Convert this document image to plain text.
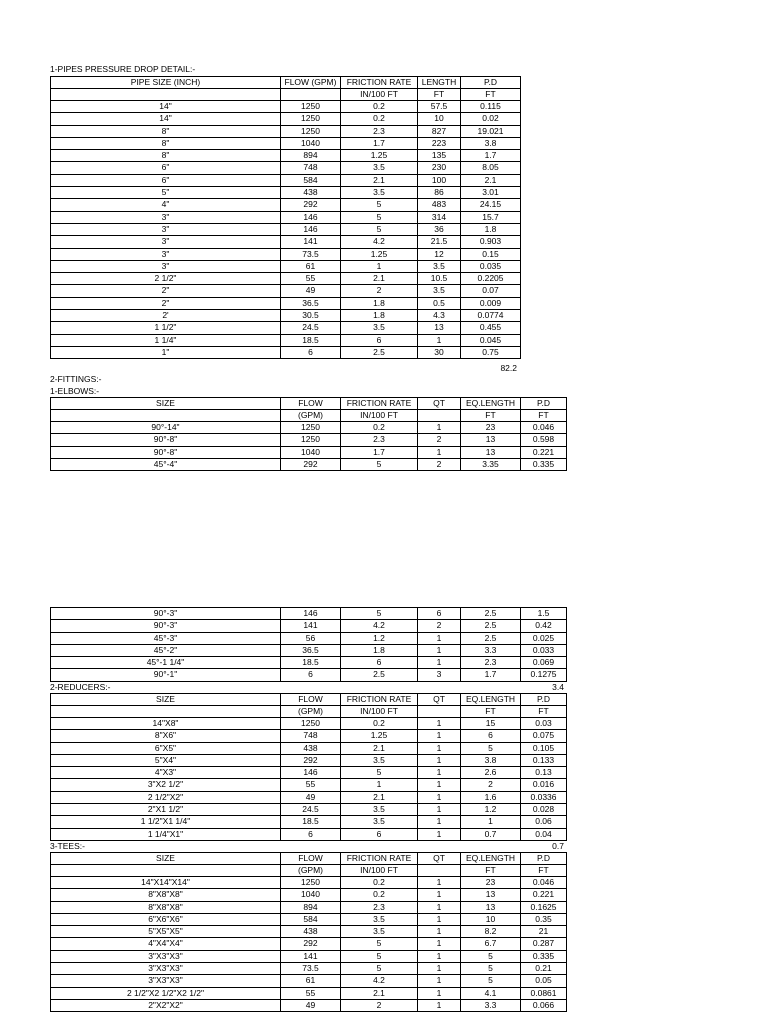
1-PIPES PRESSURE DROP DETAIL:-
PIPE SIZE (INCH)	FLOW (GPM)	FRICTION RATE	LENGTH	P.D
		IN/100 FT	FT	FT
14"	1250	0.2	57.5	0.115
14"	1250	0.2	10	0.02
8"	1250	2.3	827	19.021
8"	1040	1.7	223	3.8
8"	894	1.25	135	1.7
6"	748	3.5	230	8.05
6"	584	2.1	100	2.1
5"	438	3.5	86	3.01
4"	292	5	483	24.15
3"	146	5	314	15.7
3"	146	5	36	1.8
3"	141	4.2	21.5	0.903
3"	73.5	1.25	12	0.15
3"	61	1	3.5	0.035
2 1/2"	55	2.1	10.5	0.2205
2"	49	2	3.5	0.07
2"	36.5	1.8	0.5	0.009
2'	30.5	1.8	4.3	0.0774
1 1/2"	24.5	3.5	13	0.455
1 1/4"	18.5	6	1	0.045
1"	6	2.5	30	0.75
82.2
2-FITTINGS:-
1-ELBOWS:-
SIZE	FLOW	FRICTION RATE	QT	EQ.LENGTH	P.D
	(GPM)	IN/100 FT		FT	FT
90°-14"	1250	0.2	1	23	0.046
90°-8"	1250	2.3	2	13	0.598
90°-8"	1040	1.7	1	13	0.221
45°-4"	292	5	2	3.35	0.335
90°-3"	146	5	6	2.5	1.5
90°-3"	141	4.2	2	2.5	0.42
45°-3"	56	1.2	1	2.5	0.025
45°-2"	36.5	1.8	1	3.3	0.033
45°-1 1/4"	18.5	6	1	2.3	0.069
90°-1"	6	2.5	3	1.7	0.1275
2-REDUCERS:-	3.4
SIZE	FLOW	FRICTION RATE	QT	EQ.LENGTH	P.D
	(GPM)	IN/100 FT		FT	FT
14"X8"	1250	0.2	1	15	0.03
8"X6"	748	1.25	1	6	0.075
6"X5"	438	2.1	1	5	0.105
5"X4"	292	3.5	1	3.8	0.133
4"X3"	146	5	1	2.6	0.13
3"X2 1/2"	55	1	1	2	0.016
2 1/2"X2"	49	2.1	1	1.6	0.0336
2"X1 1/2"	24.5	3.5	1	1.2	0.028
1 1/2"X1 1/4"	18.5	3.5	1	1	0.06
1 1/4"X1"	6	6	1	0.7	0.04
3-TEES:-	0.7
SIZE	FLOW	FRICTION RATE	QT	EQ.LENGTH	P.D
	(GPM)	IN/100 FT		FT	FT
14"X14"X14"	1250	0.2	1	23	0.046
8"X8"X8"	1040	0.2	1	13	0.221
8"X8"X8"	894	2.3	1	13	0.1625
6"X6"X6"	584	3.5	1	10	0.35
5"X5"X5"	438	3.5	1	8.2	21
4"X4"X4"	292	5	1	6.7	0.287
3"X3"X3"	141	5	1	5	0.335
3"X3"X3"	73.5	5	1	5	0.21
3"X3"X3"	61	4.2	1	5	0.05
2 1/2"X2 1/2"X2 1/2"	55	2.1	1	4.1	0.0861
2"X2"X2"	49	2	1	3.3	0.066
